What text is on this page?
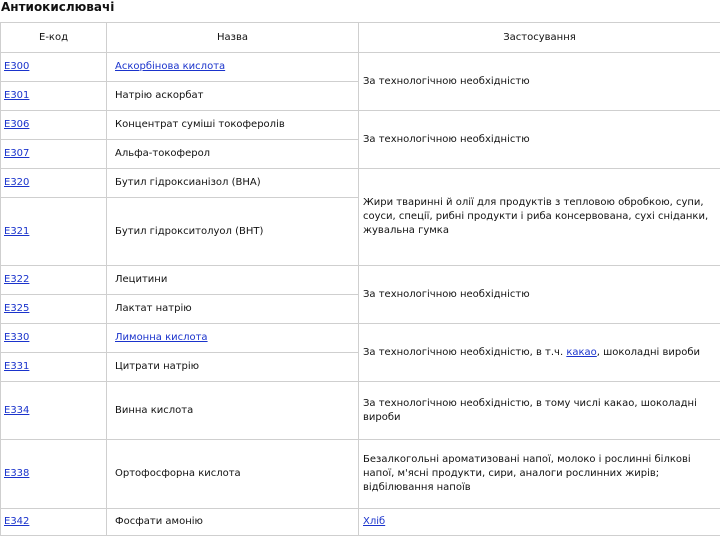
Антиокислювачі
Е-код	Назва	Застосування
E300	Аскорбінова кислота	За технологічною необхідністю
E301	Натрію аскорбат	
E306	Концентрат суміші токоферолів	За технологічною необхідністю
E307	Альфа-токоферол	
E320	Бутил гідроксианізол (BHA)	Жири тваринні й олії для продуктів з тепловою обробкою, супи, соуси, спеції, рибні продукти і риба консервована, сухі сніданки, жувальна гумка
E321	Бутил гідрокситолуол (BHT)	
E322	Лецитини	За технологічною необхідністю
E325	Лактат натрію	
E330	Лимонна кислота	За технологічною необхідністю, в т.ч. какао, шоколадні вироби
E331	Цитрати натрію	
E334	Винна кислота	За технологічною необхідністю, в тому числі какао, шоколадні вироби
E338	Ортофосфорна кислота	Безалкогольні ароматизовані напої, молоко і рослинні білкові напої, м'ясні продукти, сири, аналоги рослинних жирів; відбілювання напоїв
E342	Фосфати амонію	Хліб
